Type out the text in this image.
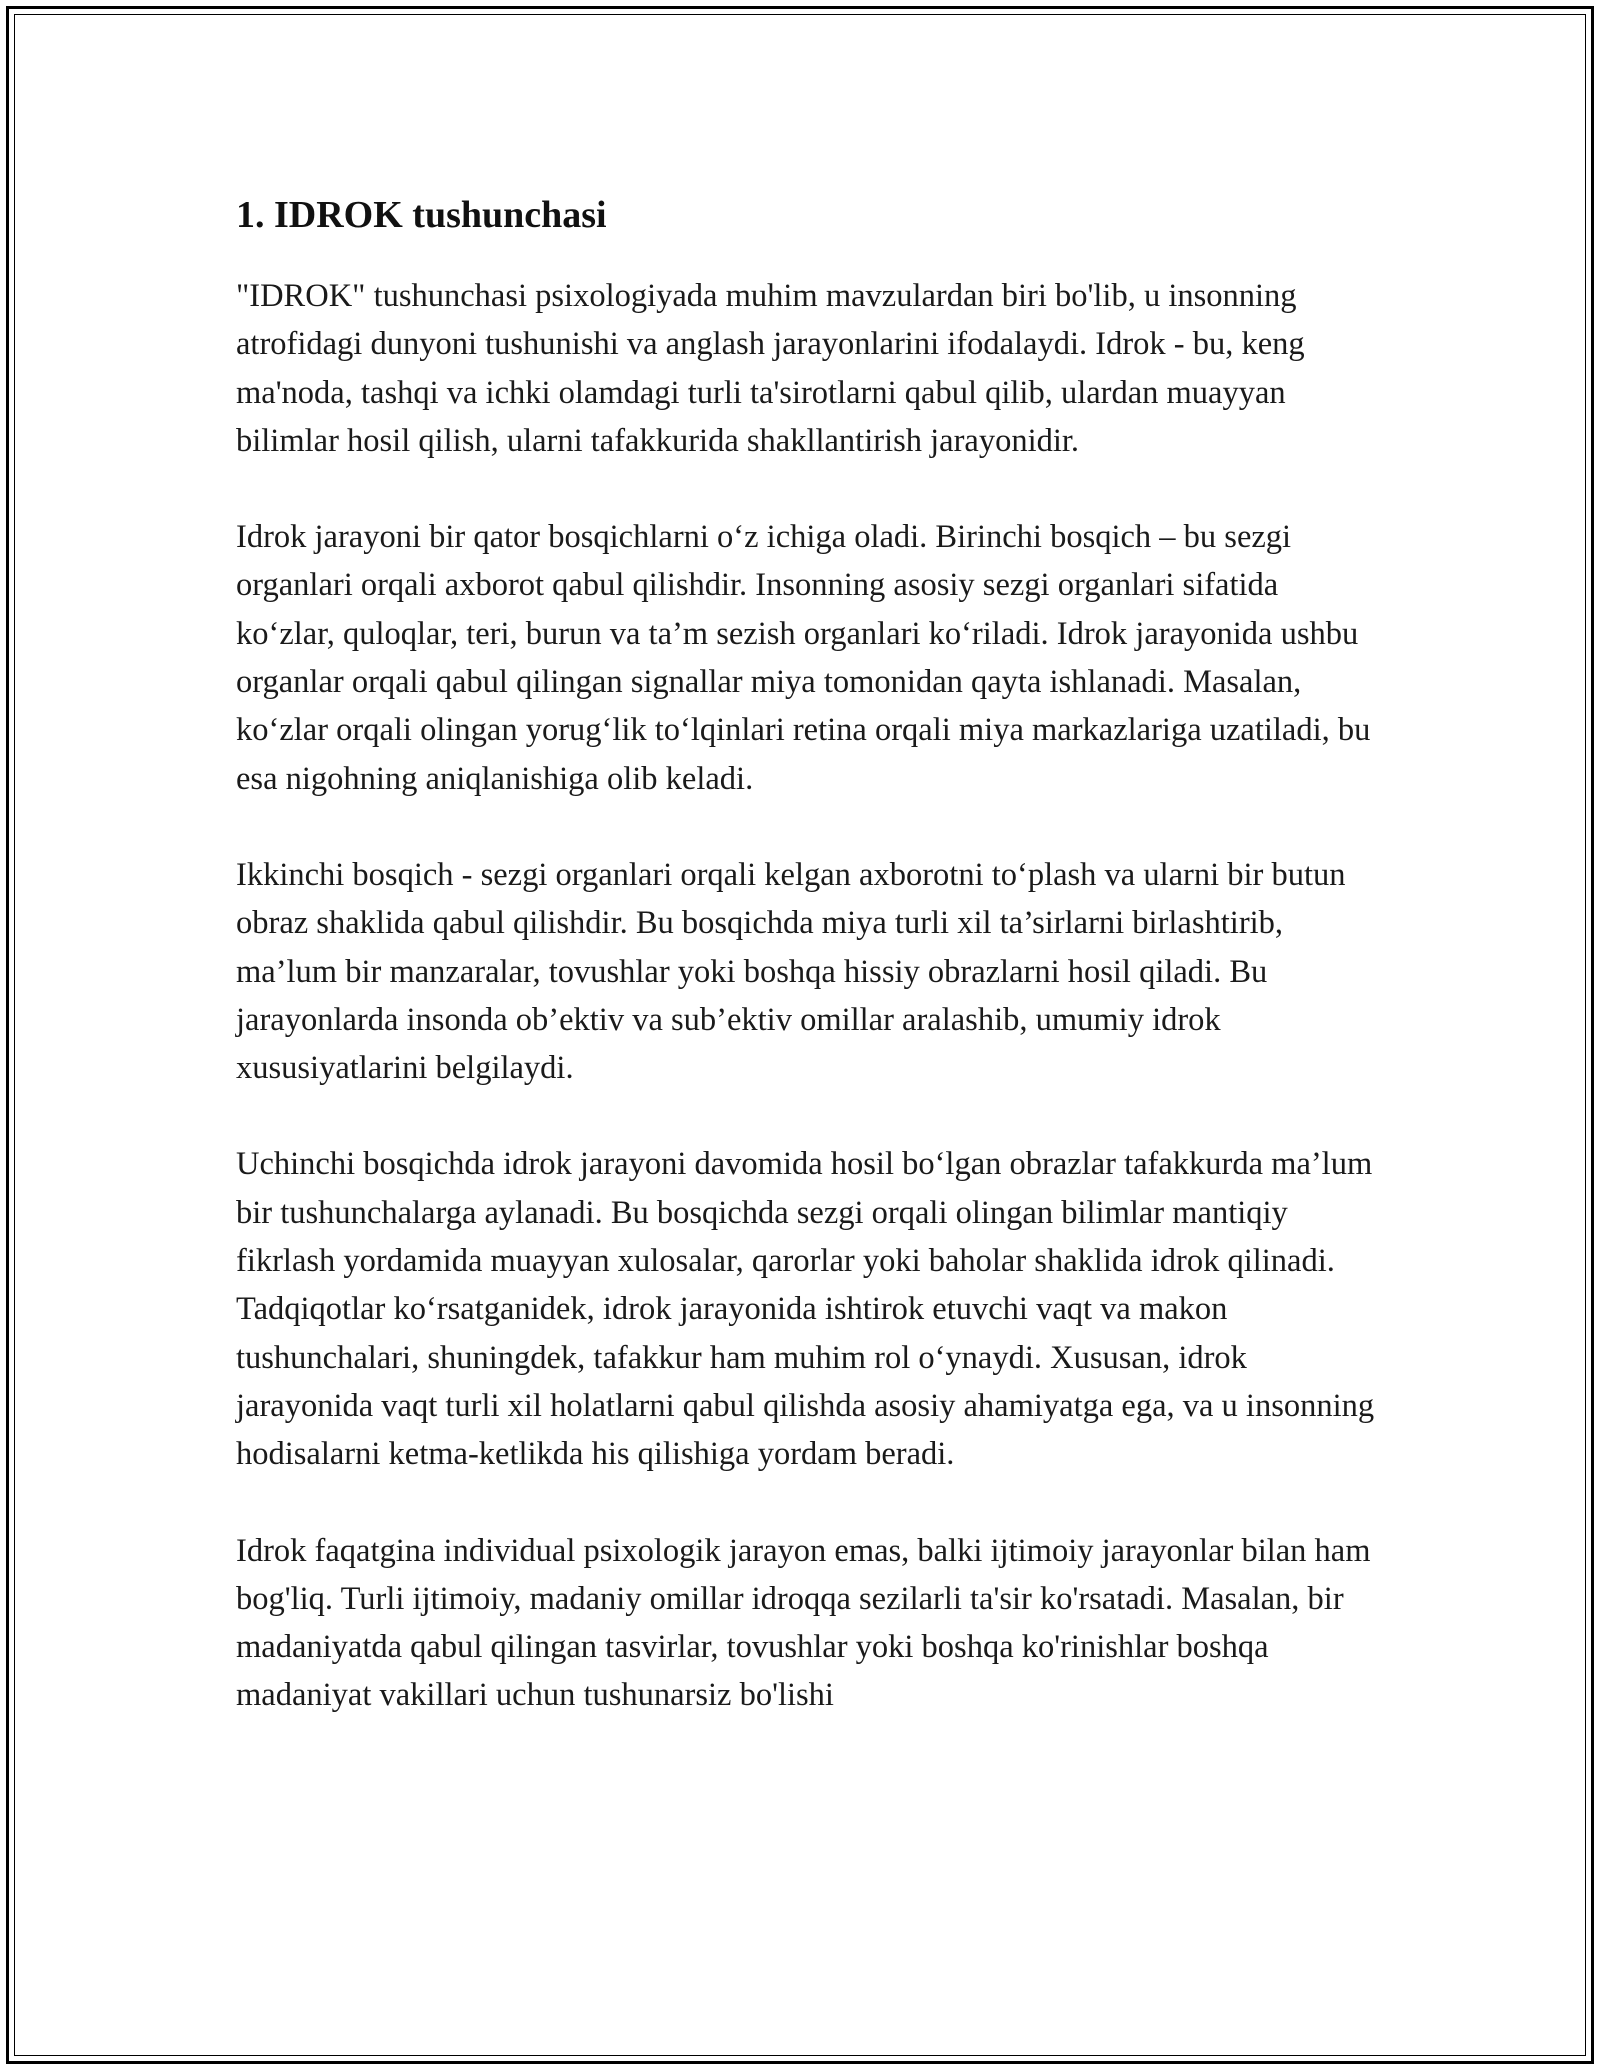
1. IDROK tushunchasi

"IDROK" tushunchasi psixologiyada muhim mavzulardan biri bo'lib, u insonning atrofidagi dunyoni tushunishi va anglash jarayonlarini ifodalaydi. Idrok - bu, keng ma'noda, tashqi va ichki olamdagi turli ta'sirotlarni qabul qilib, ulardan muayyan bilimlar hosil qilish, ularni tafakkurida shakllantirish jarayonidir.

Idrok jarayoni bir qator bosqichlarni o‘z ichiga oladi. Birinchi bosqich – bu sezgi organlari orqali axborot qabul qilishdir. Insonning asosiy sezgi organlari sifatida ko‘zlar, quloqlar, teri, burun va ta’m sezish organlari ko‘riladi. Idrok jarayonida ushbu organlar orqali qabul qilingan signallar miya tomonidan qayta ishlanadi. Masalan, ko‘zlar orqali olingan yorug‘lik to‘lqinlari retina orqali miya markazlariga uzatiladi, bu esa nigohning aniqlanishiga olib keladi.

Ikkinchi bosqich - sezgi organlari orqali kelgan axborotni to‘plash va ularni bir butun obraz shaklida qabul qilishdir. Bu bosqichda miya turli xil ta’sirlarni birlashtirib, ma’lum bir manzaralar, tovushlar yoki boshqa hissiy obrazlarni hosil qiladi. Bu jarayonlarda insonda ob’ektiv va sub’ektiv omillar aralashib, umumiy idrok xususiyatlarini belgilaydi.

Uchinchi bosqichda idrok jarayoni davomida hosil bo‘lgan obrazlar tafakkurda ma’lum bir tushunchalarga aylanadi. Bu bosqichda sezgi orqali olingan bilimlar mantiqiy fikrlash yordamida muayyan xulosalar, qarorlar yoki baholar shaklida idrok qilinadi. Tadqiqotlar ko‘rsatganidek, idrok jarayonida ishtirok etuvchi vaqt va makon tushunchalari, shuningdek, tafakkur ham muhim rol o‘ynaydi. Xususan, idrok jarayonida vaqt turli xil holatlarni qabul qilishda asosiy ahamiyatga ega, va u insonning hodisalarni ketma-ketlikda his qilishiga yordam beradi.

Idrok faqatgina individual psixologik jarayon emas, balki ijtimoiy jarayonlar bilan ham bog'liq. Turli ijtimoiy, madaniy omillar idroqqa sezilarli ta'sir ko'rsatadi. Masalan, bir madaniyatda qabul qilingan tasvirlar, tovushlar yoki boshqa ko'rinishlar boshqa madaniyat vakillari uchun tushunarsiz bo'lishi
